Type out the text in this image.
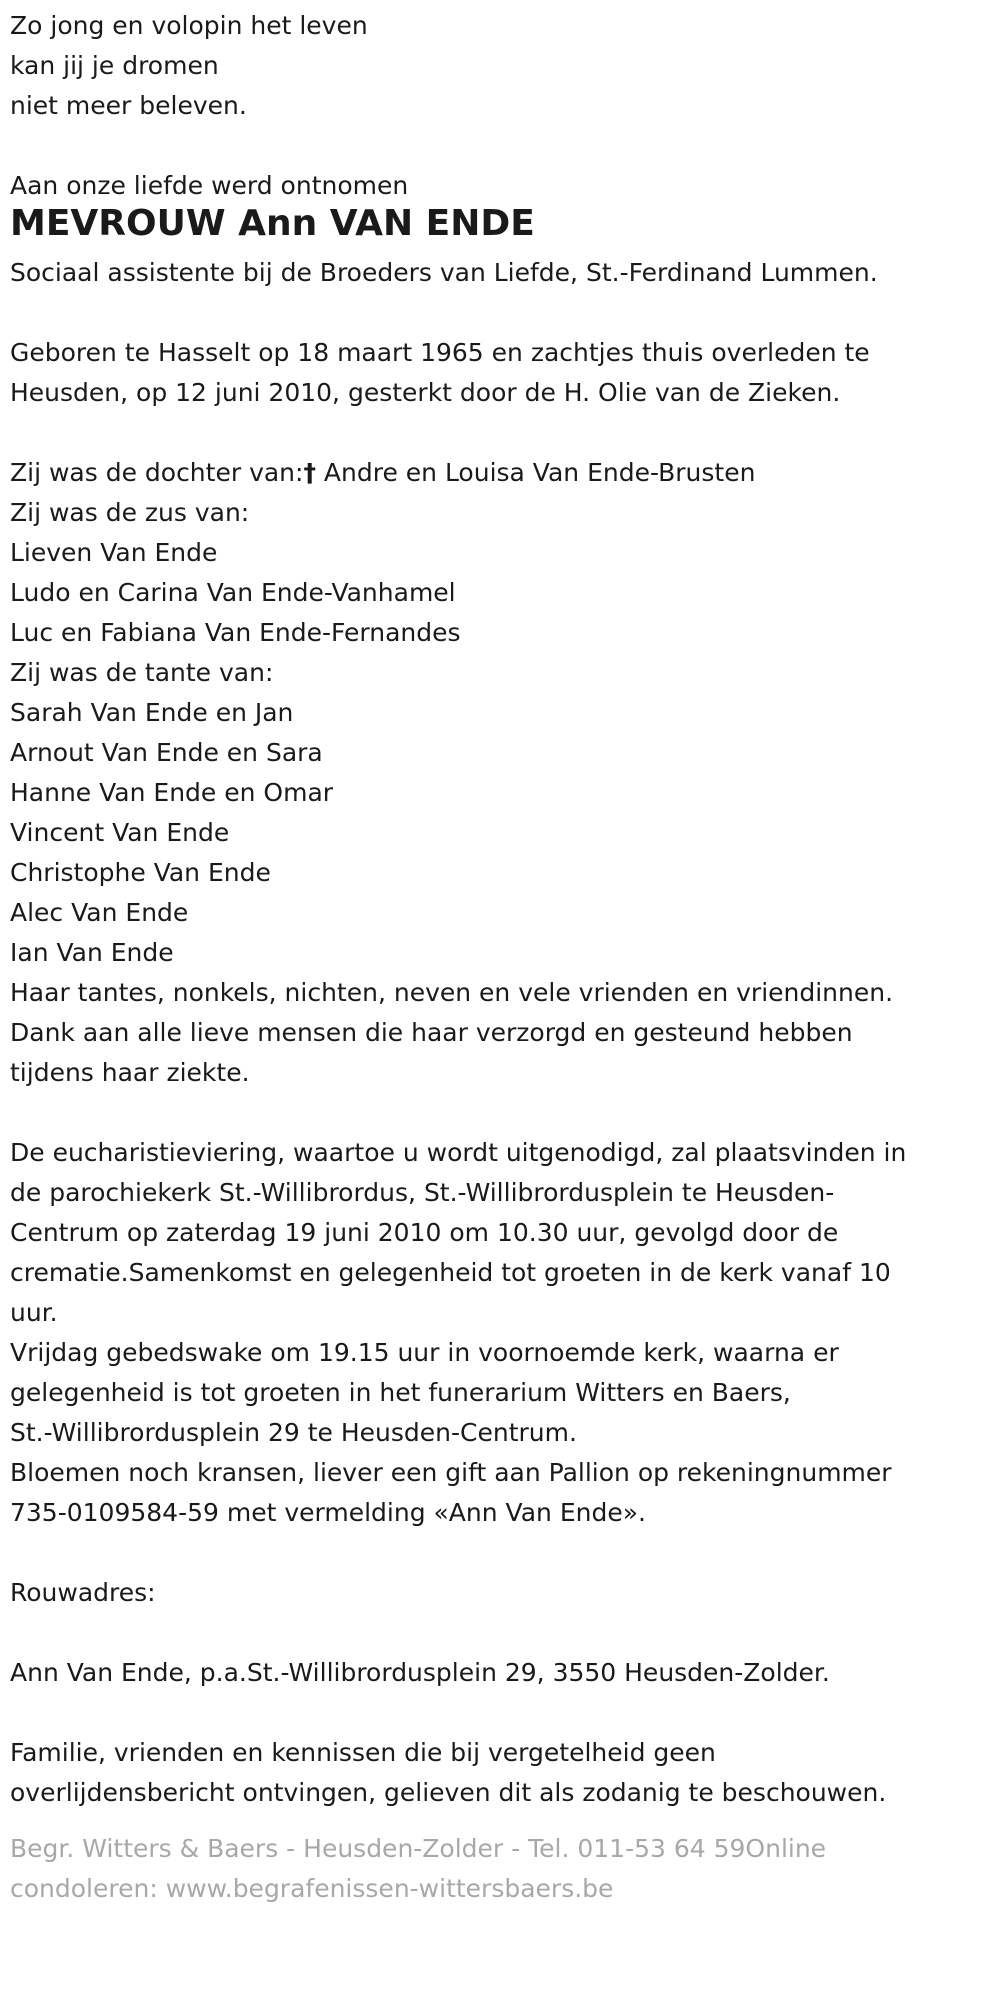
Zo jong en volopin het leven
kan jij je dromen
niet meer beleven.
Aan onze liefde werd ontnomen
MEVROUW Ann VAN ENDE
Sociaal assistente bij de Broeders van Liefde, St.-Ferdinand Lummen.
Geboren te Hasselt op 18 maart 1965 en zachtjes thuis overleden te
Heusden, op 12 juni 2010, gesterkt door de H. Olie van de Zieken.
Zij was de dochter van:† Andre en Louisa Van Ende-Brusten
Zij was de zus van:
Lieven Van Ende
Ludo en Carina Van Ende-Vanhamel
Luc en Fabiana Van Ende-Fernandes
Zij was de tante van:
Sarah Van Ende en Jan
Arnout Van Ende en Sara
Hanne Van Ende en Omar
Vincent Van Ende
Christophe Van Ende
Alec Van Ende
Ian Van Ende
Haar tantes, nonkels, nichten, neven en vele vrienden en vriendinnen.
Dank aan alle lieve mensen die haar verzorgd en gesteund hebben
tijdens haar ziekte.
De eucharistieviering, waartoe u wordt uitgenodigd, zal plaatsvinden in
de parochiekerk St.-Willibrordus, St.-Willibrordusplein te Heusden-
Centrum op zaterdag 19 juni 2010 om 10.30 uur, gevolgd door de
crematie.Samenkomst en gelegenheid tot groeten in de kerk vanaf 10
uur.
Vrijdag gebedswake om 19.15 uur in voornoemde kerk, waarna er
gelegenheid is tot groeten in het funerarium Witters en Baers,
St.-Willibrordusplein 29 te Heusden-Centrum.
Bloemen noch kransen, liever een gift aan Pallion op rekeningnummer
735-0109584-59 met vermelding «Ann Van Ende».
Rouwadres:
Ann Van Ende, p.a.St.-Willibrordusplein 29, 3550 Heusden-Zolder.
Familie, vrienden en kennissen die bij vergetelheid geen
overlijdensbericht ontvingen, gelieven dit als zodanig te beschouwen.
Begr. Witters & Baers - Heusden-Zolder - Tel. 011-53 64 59Online
condoleren: www.begrafenissen-wittersbaers.be
